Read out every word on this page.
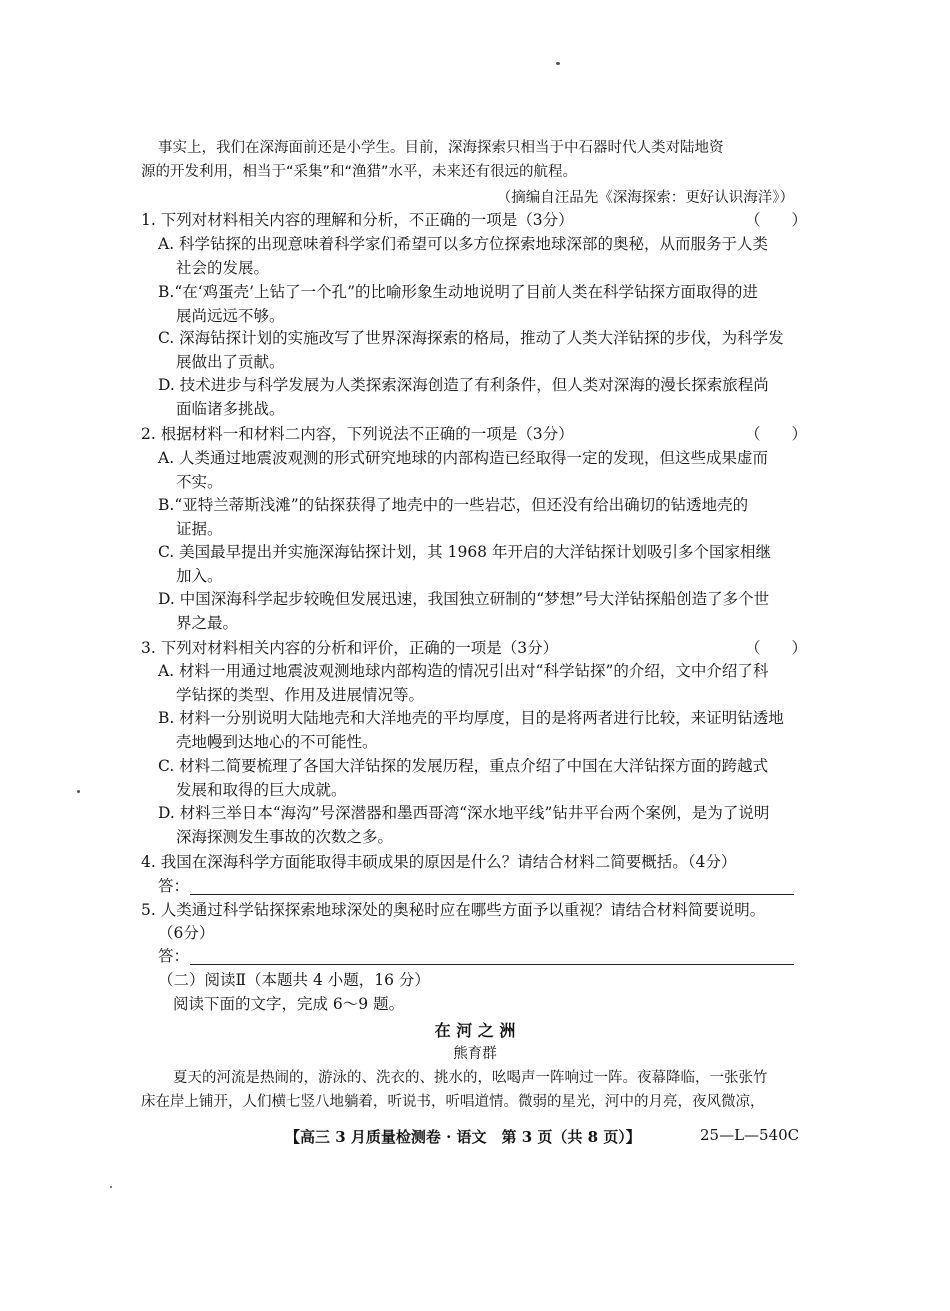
事实上，我们在深海面前还是小学生。目前，深海探索只相当于中石器时代人类对陆地资
源的开发利用，相当于“采集”和“渔猎”水平，未来还有很远的航程。
（摘编自汪品先《深海探索：更好认识海洋》）
1. 下列对材料相关内容的理解和分析，不正确的一项是（3分）	（　　）
A. 科学钻探的出现意味着科学家们希望可以多方位探索地球深部的奥秘，从而服务于人类
社会的发展。
B.“在‘鸡蛋壳’上钻了一个孔”的比喻形象生动地说明了目前人类在科学钻探方面取得的进
展尚远远不够。
C. 深海钻探计划的实施改写了世界深海探索的格局，推动了人类大洋钻探的步伐，为科学发
展做出了贡献。
D. 技术进步与科学发展为人类探索深海创造了有利条件，但人类对深海的漫长探索旅程尚
面临诸多挑战。
2. 根据材料一和材料二内容，下列说法不正确的一项是（3分）	（　　）
A. 人类通过地震波观测的形式研究地球的内部构造已经取得一定的发现，但这些成果虚而
不实。
B.“亚特兰蒂斯浅滩”的钻探获得了地壳中的一些岩芯，但还没有给出确切的钻透地壳的
证据。
C. 美国最早提出并实施深海钻探计划，其 1968 年开启的大洋钻探计划吸引多个国家相继
加入。
D. 中国深海科学起步较晚但发展迅速，我国独立研制的“梦想”号大洋钻探船创造了多个世
界之最。
3. 下列对材料相关内容的分析和评价，正确的一项是（3分）	（　　）
A. 材料一用通过地震波观测地球内部构造的情况引出对“科学钻探”的介绍，文中介绍了科
学钻探的类型、作用及进展情况等。
B. 材料一分别说明大陆地壳和大洋地壳的平均厚度，目的是将两者进行比较，来证明钻透地
壳地幔到达地心的不可能性。
C. 材料二简要梳理了各国大洋钻探的发展历程，重点介绍了中国在大洋钻探方面的跨越式
发展和取得的巨大成就。
D. 材料三举日本“海沟”号深潜器和墨西哥湾“深水地平线”钻井平台两个案例，是为了说明
深海探测发生事故的次数之多。
4. 我国在深海科学方面能取得丰硕成果的原因是什么？请结合材料二简要概括。（4分）
答：
5. 人类通过科学钻探探索地球深处的奥秘时应在哪些方面予以重视？请结合材料简要说明。
（6分）
答：
（二）阅读Ⅱ（本题共 4 小题，16 分）
阅读下面的文字，完成 6～9 题。
在 河 之 洲
熊育群
夏天的河流是热闹的，游泳的、洗衣的、挑水的，吆喝声一阵响过一阵。夜幕降临，一张张竹
床在岸上铺开，人们横七竖八地躺着，听说书，听唱道情。微弱的星光，河中的月亮，夜风微凉，
【高三 3 月质量检测卷 · 语文　第 3 页（共 8 页）】	25—L—540C
